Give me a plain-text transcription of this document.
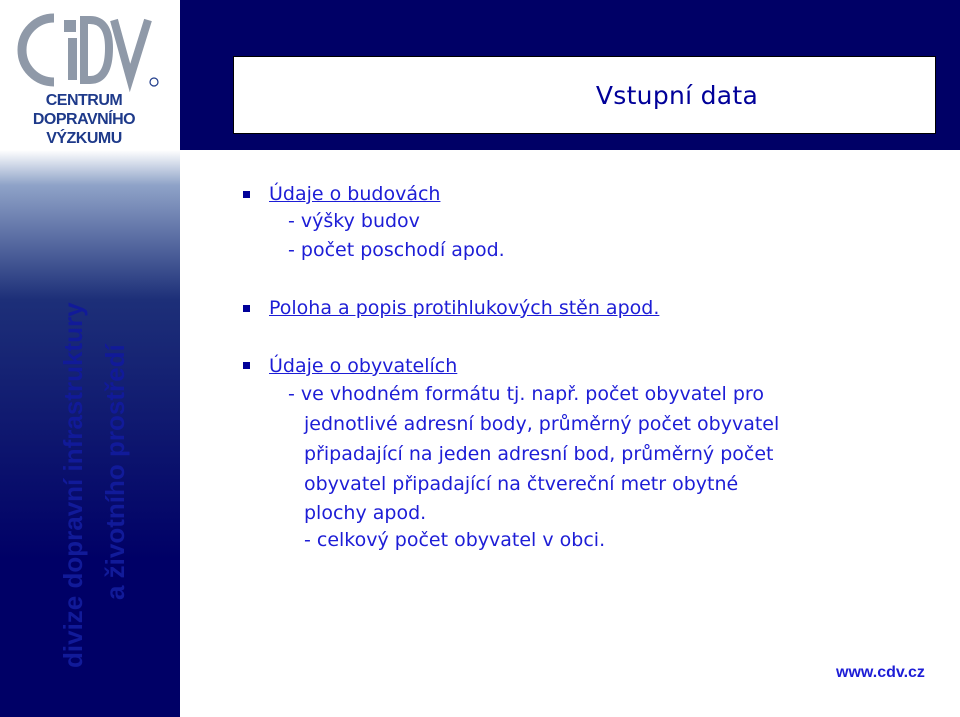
CENTRUM
DOPRAVNÍHO
VÝZKUMU
divize dopravní infrastruktury a životního prostředí
Vstupní data
Údaje o budovách
- výšky budov
- počet poschodí apod.
Poloha a popis protihlukových stěn apod.
Údaje o obyvatelích
- ve vhodném formátu tj. např. počet obyvatel pro
jednotlivé adresní body, průměrný počet obyvatel
připadající na jeden adresní bod, průměrný počet
obyvatel připadající na čtvereční metr obytné
plochy apod.
- celkový počet obyvatel v obci.
www.cdv.cz
